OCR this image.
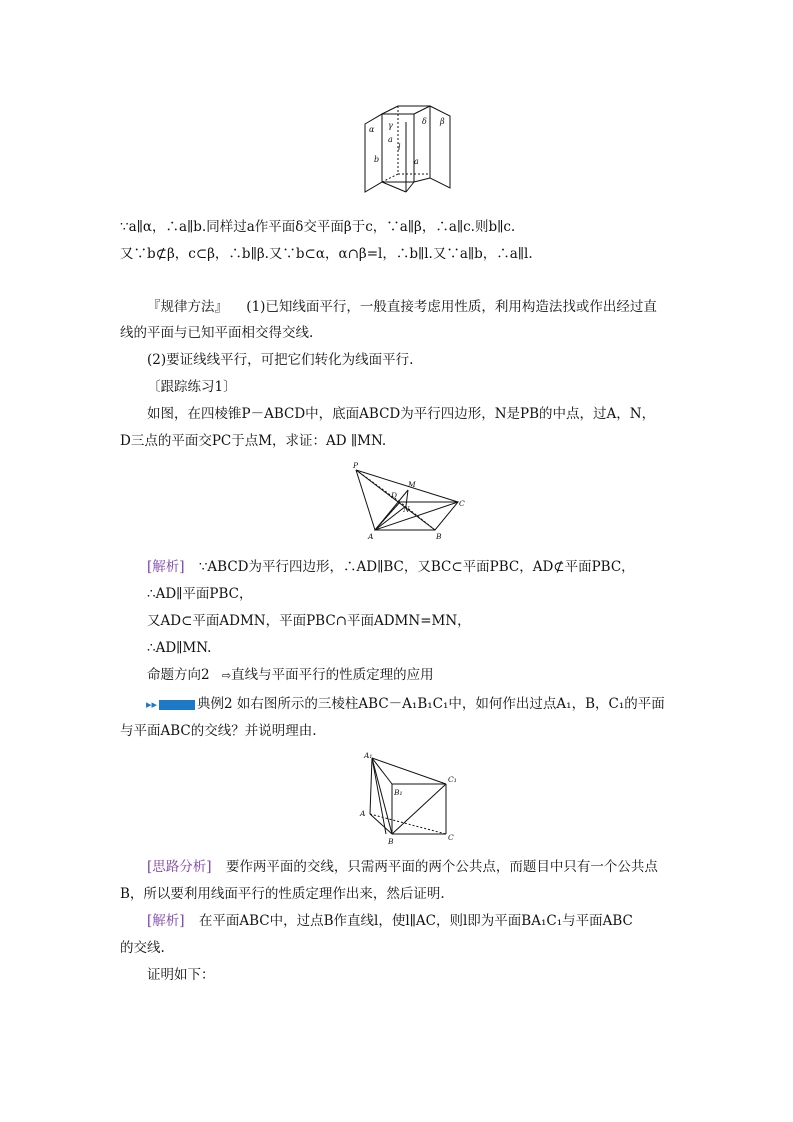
α γ	δ β
b
l
a
a
∵a∥α，∴a∥b.同样过a作平面δ交平面β于c，∵a∥β，∴a∥c.则b∥c.
又∵b⊄β，c⊂β，∴b∥β.又∵b⊂α，α∩β=l，∴b∥l.又∵a∥b，∴a∥l.
『规律方法』 (1)已知线面平行，一般直接考虑用性质，利用构造法找或作出经过直
线的平面与已知平面相交得交线.
(2)要证线线平行，可把它们转化为线面平行.
〔跟踪练习1〕
如图，在四棱锥P－ABCD中，底面ABCD为平行四边形，N是PB的中点，过A，N，
D三点的平面交PC于点M，求证：AD ∥MN.
P
M
D
N
C
A	B
[解析] ∵ABCD为平行四边形，∴AD∥BC，又BC⊂平面PBC，AD⊄平面PBC，
∴AD∥平面PBC，
又AD⊂平面ADMN，平面PBC∩平面ADMN=MN，
∴AD∥MN.
命题方向2 ⇨直线与平面平行的性质定理的应用
▸▸	典例2 如右图所示的三棱柱ABC－A₁B₁C₁中，如何作出过点A₁，B，C₁的平面
与平面ABC的交线？并说明理由.
A₁
C₁
B₁
A
B	C
[思路分析] 要作两平面的交线，只需两平面的两个公共点，而题目中只有一个公共点
B，所以要利用线面平行的性质定理作出来，然后证明.
[解析] 在平面ABC中，过点B作直线l，使l∥AC，则l即为平面BA₁C₁与平面ABC
的交线.
证明如下：
